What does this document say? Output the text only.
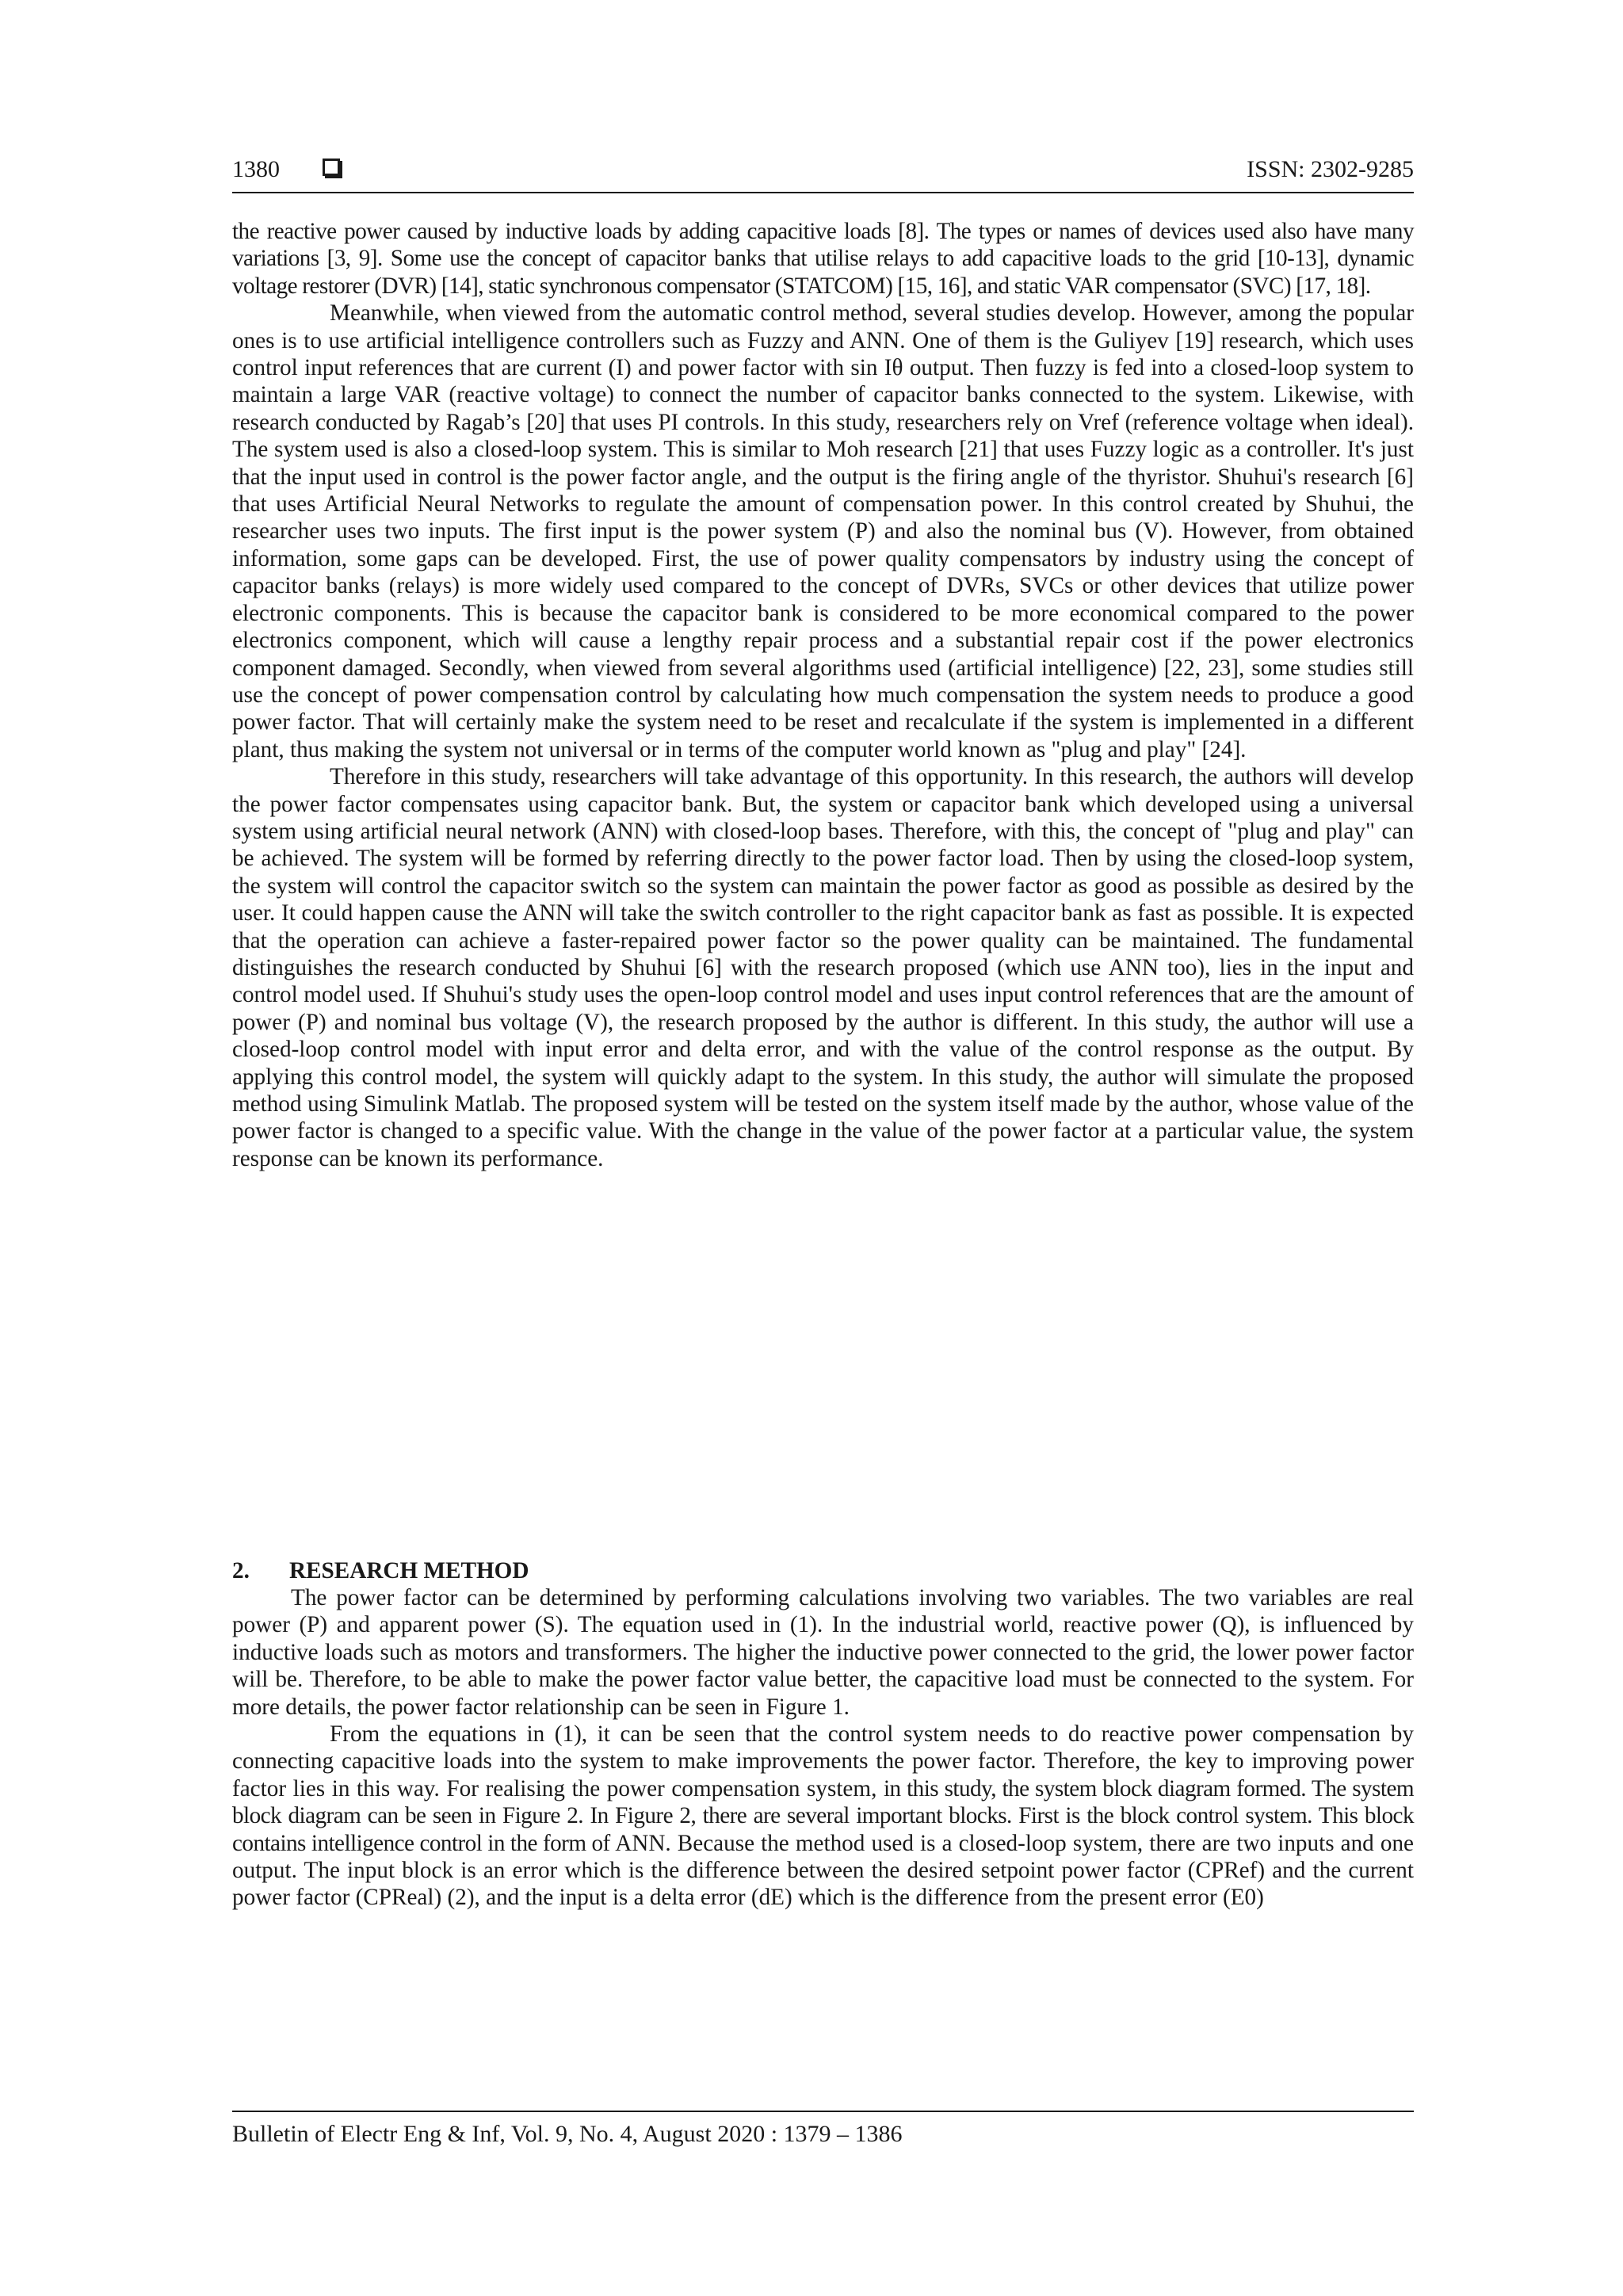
1380	ISSN: 2302-9285

the reactive power caused by inductive loads by adding capacitive loads [8]. The types or names of devices used also have many variations [3, 9]. Some use the concept of capacitor banks that utilise relays to add capacitive loads to the grid [10-13], dynamic voltage restorer (DVR) [14], static synchronous compensator (STATCOM) [15, 16], and static VAR compensator (SVC) [17, 18].

Meanwhile, when viewed from the automatic control method, several studies develop. However, among the popular ones is to use artificial intelligence controllers such as Fuzzy and ANN. One of them is the Guliyev [19] research, which uses control input references that are current (I) and power factor with sin Iθ output. Then fuzzy is fed into a closed-loop system to maintain a large VAR (reactive voltage) to connect the number of capacitor banks connected to the system. Likewise, with research conducted by Ragab’s [20] that uses PI controls. In this study, researchers rely on Vref (reference voltage when ideal). The system used is also a closed-loop system. This is similar to Moh research [21] that uses Fuzzy logic as a controller. It's just that the input used in control is the power factor angle, and the output is the firing angle of the thyristor. Shuhui's research [6] that uses Artificial Neural Networks to regulate the amount of compensation power. In this control created by Shuhui, the researcher uses two inputs. The first input is the power system (P) and also the nominal bus (V). However, from obtained information, some gaps can be developed. First, the use of power quality compensators by industry using the concept of capacitor banks (relays) is more widely used compared to the concept of DVRs, SVCs or other devices that utilize power electronic components. This is because the capacitor bank is considered to be more economical compared to the power electronics component, which will cause a lengthy repair process and a substantial repair cost if the power electronics component damaged. Secondly, when viewed from several algorithms used (artificial intelligence) [22, 23], some studies still use the concept of power compensation control by calculating how much compensation the system needs to produce a good power factor. That will certainly make the system need to be reset and recalculate if the system is implemented in a different plant, thus making the system not universal or in terms of the computer world known as "plug and play" [24].

Therefore in this study, researchers will take advantage of this opportunity. In this research, the authors will develop the power factor compensates using capacitor bank. But, the system or capacitor bank which developed using a universal system using artificial neural network (ANN) with closed-loop bases. Therefore, with this, the concept of "plug and play" can be achieved. The system will be formed by referring directly to the power factor load. Then by using the closed-loop system, the system will control the capacitor switch so the system can maintain the power factor as good as possible as desired by the user. It could happen cause the ANN will take the switch controller to the right capacitor bank as fast as possible. It is expected that the operation can achieve a faster-repaired power factor so the power quality can be maintained. The fundamental distinguishes the research conducted by Shuhui [6] with the research proposed (which use ANN too), lies in the input and control model used. If Shuhui's study uses the open-loop control model and uses input control references that are the amount of power (P) and nominal bus voltage (V), the research proposed by the author is different. In this study, the author will use a closed-loop control model with input error and delta error, and with the value of the control response as the output. By applying this control model, the system will quickly adapt to the system. In this study, the author will simulate the proposed method using Simulink Matlab. The proposed system will be tested on the system itself made by the author, whose value of the power factor is changed to a specific value. With the change in the value of the power factor at a particular value, the system response can be known its performance.

2. RESEARCH METHOD

The power factor can be determined by performing calculations involving two variables. The two variables are real power (P) and apparent power (S). The equation used in (1). In the industrial world, reactive power (Q), is influenced by inductive loads such as motors and transformers. The higher the inductive power connected to the grid, the lower power factor will be. Therefore, to be able to make the power factor value better, the capacitive load must be connected to the system. For more details, the power factor relationship can be seen in Figure 1.

From the equations in (1), it can be seen that the control system needs to do reactive power compensation by connecting capacitive loads into the system to make improvements the power factor. Therefore, the key to improving power factor lies in this way. For realising the power compensation system, in this study, the system block diagram formed. The system block diagram can be seen in Figure 2. In Figure 2, there are several important blocks. First is the block control system. This block contains intelligence control in the form of ANN. Because the method used is a closed-loop system, there are two inputs and one output. The input block is an error which is the difference between the desired setpoint power factor (CPRef) and the current power factor (CPReal) (2), and the input is a delta error (dE) which is the difference from the present error (E0)

Bulletin of Electr Eng & Inf, Vol. 9, No. 4, August 2020 : 1379 – 1386
